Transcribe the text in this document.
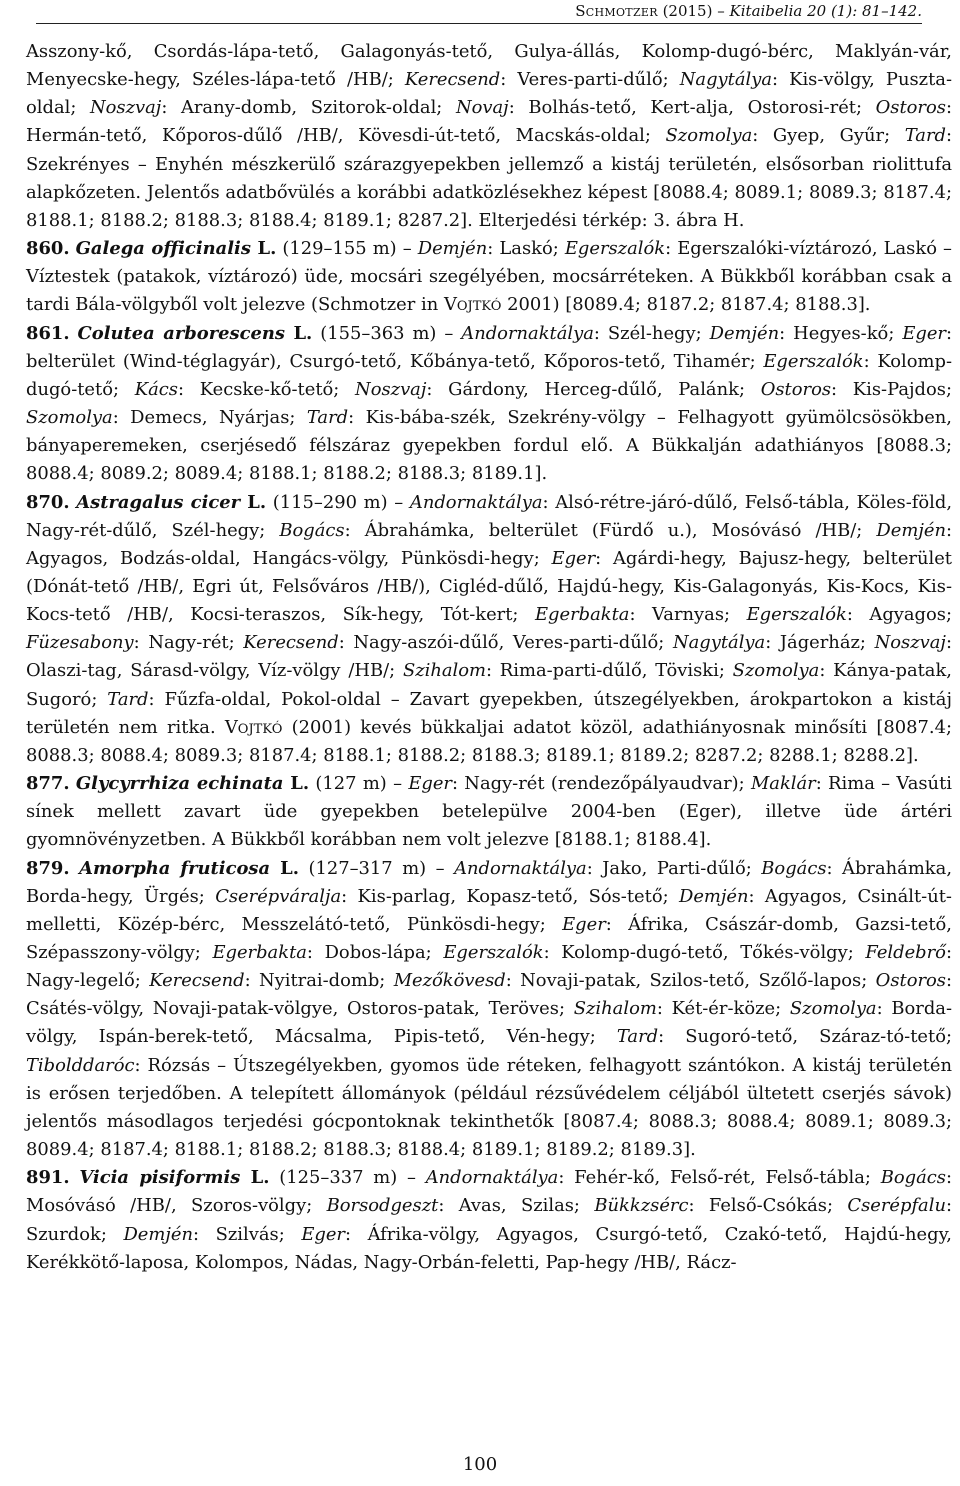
Schmotzer (2015) – Kitaibelia 20 (1): 81–142.

Asszony-kő, Csordás-lápa-tető, Galagonyás-tető, Gulya-állás, Kolomp-dugó-bérc, Maklyán-vár, Menyecske-hegy, Széles-lápa-tető /HB/; Kerecsend: Veres-parti-dűlő; Nagytálya: Kis-völgy, Puszta-oldal; Noszvaj: Arany-domb, Szitorok-oldal; Novaj: Bolhás-tető, Kert-alja, Ostorosi-rét; Ostoros: Hermán-tető, Kőporos-dűlő /HB/, Kövesdi-út-tető, Macskás-oldal; Szomolya: Gyep, Gyűr; Tard: Szekrényes – Enyhén mészkerülő szárazgyepekben jellemző a kistáj területén, elsősorban riolittufa alapkőzeten. Jelentős adatbővülés a korábbi adatközlésekhez képest [8088.4; 8089.1; 8089.3; 8187.4; 8188.1; 8188.2; 8188.3; 8188.4; 8189.1; 8287.2]. Elterjedési térkép: 3. ábra H.

860. Galega officinalis L. (129–155 m) – Demjén: Laskó; Egerszalók: Egerszalóki-víztározó, Laskó – Víztestek (patakok, víztározó) üde, mocsári szegélyében, mocsárréteken. A Bükkből korábban csak a tardi Bála-völgyből volt jelezve (Schmotzer in Vojtkó 2001) [8089.4; 8187.2; 8187.4; 8188.3].

861. Colutea arborescens L. (155–363 m) – Andornaktálya: Szél-hegy; Demjén: Hegyes-kő; Eger: belterület (Wind-téglagyár), Csurgó-tető, Kőbánya-tető, Kőporos-tető, Tihamér; Egerszalók: Kolomp-dugó-tető; Kács: Kecske-kő-tető; Noszvaj: Gárdony, Herceg-dűlő, Palánk; Ostoros: Kis-Pajdos; Szomolya: Demecs, Nyárjas; Tard: Kis-bába-szék, Szekrény-völgy – Felhagyott gyümölcsösökben, bányaperemeken, cserjésedő félszáraz gyepekben fordul elő. A Bükkalján adathiányos [8088.3; 8088.4; 8089.2; 8089.4; 8188.1; 8188.2; 8188.3; 8189.1].

870. Astragalus cicer L. (115–290 m) – Andornaktálya: Alsó-rétre-járó-dűlő, Felső-tábla, Köles-föld, Nagy-rét-dűlő, Szél-hegy; Bogács: Ábrahámka, belterület (Fürdő u.), Mosóvásó /HB/; Demjén: Agyagos, Bodzás-oldal, Hangács-völgy, Pünkösdi-hegy; Eger: Agárdi-hegy, Bajusz-hegy, belterület (Dónát-tető /HB/, Egri út, Felsőváros /HB/), Cigléd-dűlő, Hajdú-hegy, Kis-Galagonyás, Kis-Kocs, Kis-Kocs-tető /HB/, Kocsi-teraszos, Sík-hegy, Tót-kert; Egerbakta: Varnyas; Egerszalók: Agyagos; Füzesabony: Nagy-rét; Kerecsend: Nagy-aszói-dűlő, Veres-parti-dűlő; Nagytálya: Jágerház; Noszvaj: Olaszi-tag, Sárasd-völgy, Víz-völgy /HB/; Szihalom: Rima-parti-dűlő, Töviski; Szomolya: Kánya-patak, Sugoró; Tard: Fűzfa-oldal, Pokol-oldal – Zavart gyepekben, útszegélyekben, árokpartokon a kistáj területén nem ritka. Vojtkó (2001) kevés bükkaljai adatot közöl, adathiányosnak minősíti [8087.4; 8088.3; 8088.4; 8089.3; 8187.4; 8188.1; 8188.2; 8188.3; 8189.1; 8189.2; 8287.2; 8288.1; 8288.2].

877. Glycyrrhiza echinata L. (127 m) – Eger: Nagy-rét (rendezőpályaudvar); Maklár: Rima – Vasúti sínek mellett zavart üde gyepekben betelepülve 2004-ben (Eger), illetve üde ártéri gyomnövényzetben. A Bükkből korábban nem volt jelezve [8188.1; 8188.4].

879. Amorpha fruticosa L. (127–317 m) – Andornaktálya: Jako, Parti-dűlő; Bogács: Ábrahámka, Borda-hegy, Ürgés; Cserépváralja: Kis-parlag, Kopasz-tető, Sós-tető; Demjén: Agyagos, Csinált-út-melletti, Közép-bérc, Messzelátó-tető, Pünkösdi-hegy; Eger: Áfrika, Császár-domb, Gazsi-tető, Szépasszony-völgy; Egerbakta: Dobos-lápa; Egerszalók: Kolomp-dugó-tető, Tőkés-völgy; Feldebrő: Nagy-legelő; Kerecsend: Nyitrai-domb; Mezőkövesd: Novaji-patak, Szilos-tető, Szőlő-lapos; Ostoros: Csátés-völgy, Novaji-patak-völgye, Ostoros-patak, Teröves; Szihalom: Két-ér-köze; Szomolya: Borda-völgy, Ispán-berek-tető, Mácsalma, Pipis-tető, Vén-hegy; Tard: Sugoró-tető, Száraz-tó-tető; Tibolddaróc: Rózsás – Útszegélyekben, gyomos üde réteken, felhagyott szántókon. A kistáj területén is erősen terjedőben. A telepített állományok (például rézsűvédelem céljából ültetett cserjés sávok) jelentős másodlagos terjedési gócpontoknak tekinthetők [8087.4; 8088.3; 8088.4; 8089.1; 8089.3; 8089.4; 8187.4; 8188.1; 8188.2; 8188.3; 8188.4; 8189.1; 8189.2; 8189.3].

891. Vicia pisiformis L. (125–337 m) – Andornaktálya: Fehér-kő, Felső-rét, Felső-tábla; Bogács: Mosóvásó /HB/, Szoros-völgy; Borsodgeszt: Avas, Szilas; Bükkzsérc: Felső-Csókás; Cserépfalu: Szurdok; Demjén: Szilvás; Eger: Áfrika-völgy, Agyagos, Csurgó-tető, Czakó-tető, Hajdú-hegy, Kerékkötő-laposa, Kolompos, Nádas, Nagy-Orbán-feletti, Pap-hegy /HB/, Rácz-

100
